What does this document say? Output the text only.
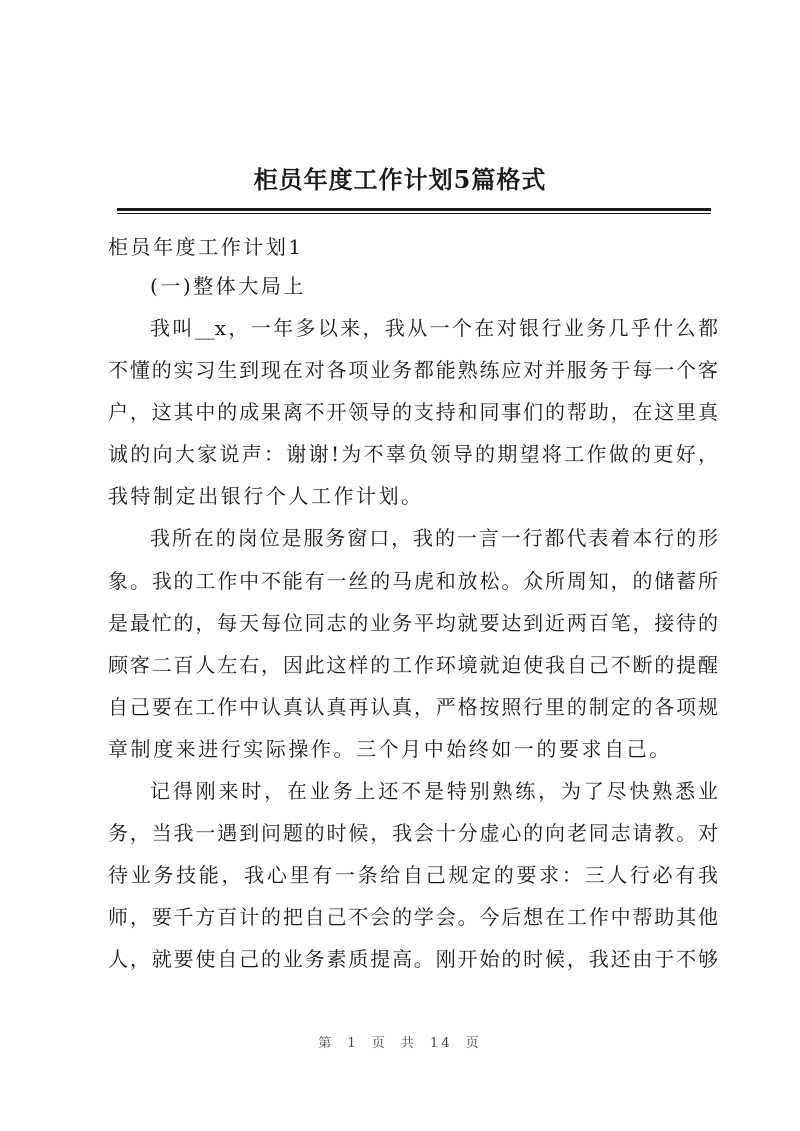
柜员年度工作计划5篇格式
柜员年度工作计划1
(一)整体大局上
我叫__x，一年多以来，我从一个在对银行业务几乎什么都
不懂的实习生到现在对各项业务都能熟练应对并服务于每一个客
户，这其中的成果离不开领导的支持和同事们的帮助，在这里真
诚的向大家说声：谢谢!为不辜负领导的期望将工作做的更好，
我特制定出银行个人工作计划。
我所在的岗位是服务窗口，我的一言一行都代表着本行的形
象。我的工作中不能有一丝的马虎和放松。众所周知，的储蓄所
是最忙的，每天每位同志的业务平均就要达到近两百笔，接待的
顾客二百人左右，因此这样的工作环境就迫使我自己不断的提醒
自己要在工作中认真认真再认真，严格按照行里的制定的各项规
章制度来进行实际操作。三个月中始终如一的要求自己。
记得刚来时，在业务上还不是特别熟练，为了尽快熟悉业
务，当我一遇到问题的时候，我会十分虚心的向老同志请教。对
待业务技能，我心里有一条给自己规定的要求：三人行必有我
师，要千方百计的把自己不会的学会。今后想在工作中帮助其他
人，就要使自己的业务素质提高。刚开始的时候，我还由于不够
第 1 页 共 14 页
